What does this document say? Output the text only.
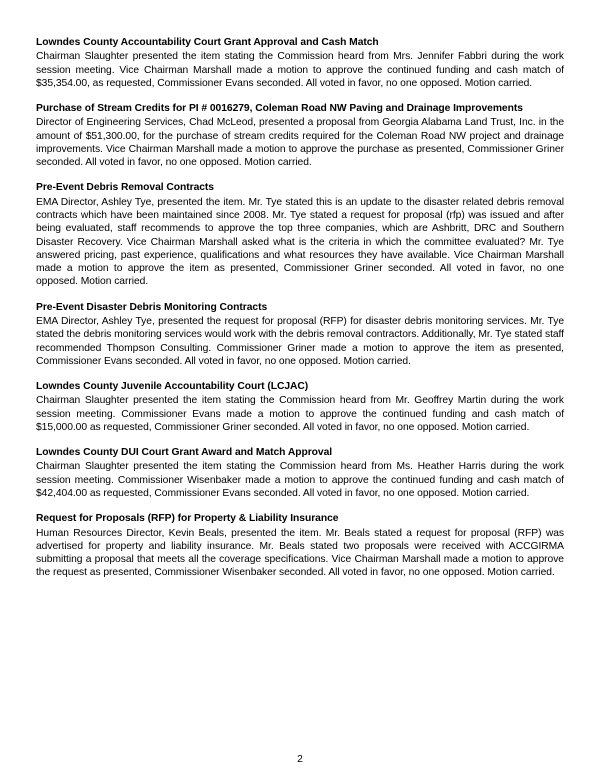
Lowndes County Accountability Court Grant Approval and Cash Match

Chairman Slaughter presented the item stating the Commission heard from Mrs. Jennifer Fabbri during the work session meeting. Vice Chairman Marshall made a motion to approve the continued funding and cash match of $35,354.00, as requested, Commissioner Evans seconded. All voted in favor, no one opposed. Motion carried.

Purchase of Stream Credits for PI # 0016279, Coleman Road NW Paving and Drainage Improvements

Director of Engineering Services, Chad McLeod, presented a proposal from Georgia Alabama Land Trust, Inc. in the amount of $51,300.00, for the purchase of stream credits required for the Coleman Road NW project and drainage improvements. Vice Chairman Marshall made a motion to approve the purchase as presented, Commissioner Griner seconded. All voted in favor, no one opposed. Motion carried.

Pre-Event Debris Removal Contracts

EMA Director, Ashley Tye, presented the item. Mr. Tye stated this is an update to the disaster related debris removal contracts which have been maintained since 2008. Mr. Tye stated a request for proposal (rfp) was issued and after being evaluated, staff recommends to approve the top three companies, which are Ashbritt, DRC and Southern Disaster Recovery. Vice Chairman Marshall asked what is the criteria in which the committee evaluated? Mr. Tye answered pricing, past experience, qualifications and what resources they have available. Vice Chairman Marshall made a motion to approve the item as presented, Commissioner Griner seconded. All voted in favor, no one opposed. Motion carried.

Pre-Event Disaster Debris Monitoring Contracts

EMA Director, Ashley Tye, presented the request for proposal (RFP) for disaster debris monitoring services. Mr. Tye stated the debris monitoring services would work with the debris removal contractors. Additionally, Mr. Tye stated staff recommended Thompson Consulting. Commissioner Griner made a motion to approve the item as presented, Commissioner Evans seconded. All voted in favor, no one opposed. Motion carried.

Lowndes County Juvenile Accountability Court (LCJAC)

Chairman Slaughter presented the item stating the Commission heard from Mr. Geoffrey Martin during the work session meeting. Commissioner Evans made a motion to approve the continued funding and cash match of $15,000.00 as requested, Commissioner Griner seconded. All voted in favor, no one opposed. Motion carried.

Lowndes County DUI Court Grant Award and Match Approval

Chairman Slaughter presented the item stating the Commission heard from Ms. Heather Harris during the work session meeting. Commissioner Wisenbaker made a motion to approve the continued funding and cash match of $42,404.00 as requested, Commissioner Evans seconded. All voted in favor, no one opposed. Motion carried.

Request for Proposals (RFP) for Property & Liability Insurance

Human Resources Director, Kevin Beals, presented the item. Mr. Beals stated a request for proposal (RFP) was advertised for property and liability insurance. Mr. Beals stated two proposals were received with ACCGIRMA submitting a proposal that meets all the coverage specifications. Vice Chairman Marshall made a motion to approve the request as presented, Commissioner Wisenbaker seconded. All voted in favor, no one opposed. Motion carried.

2
